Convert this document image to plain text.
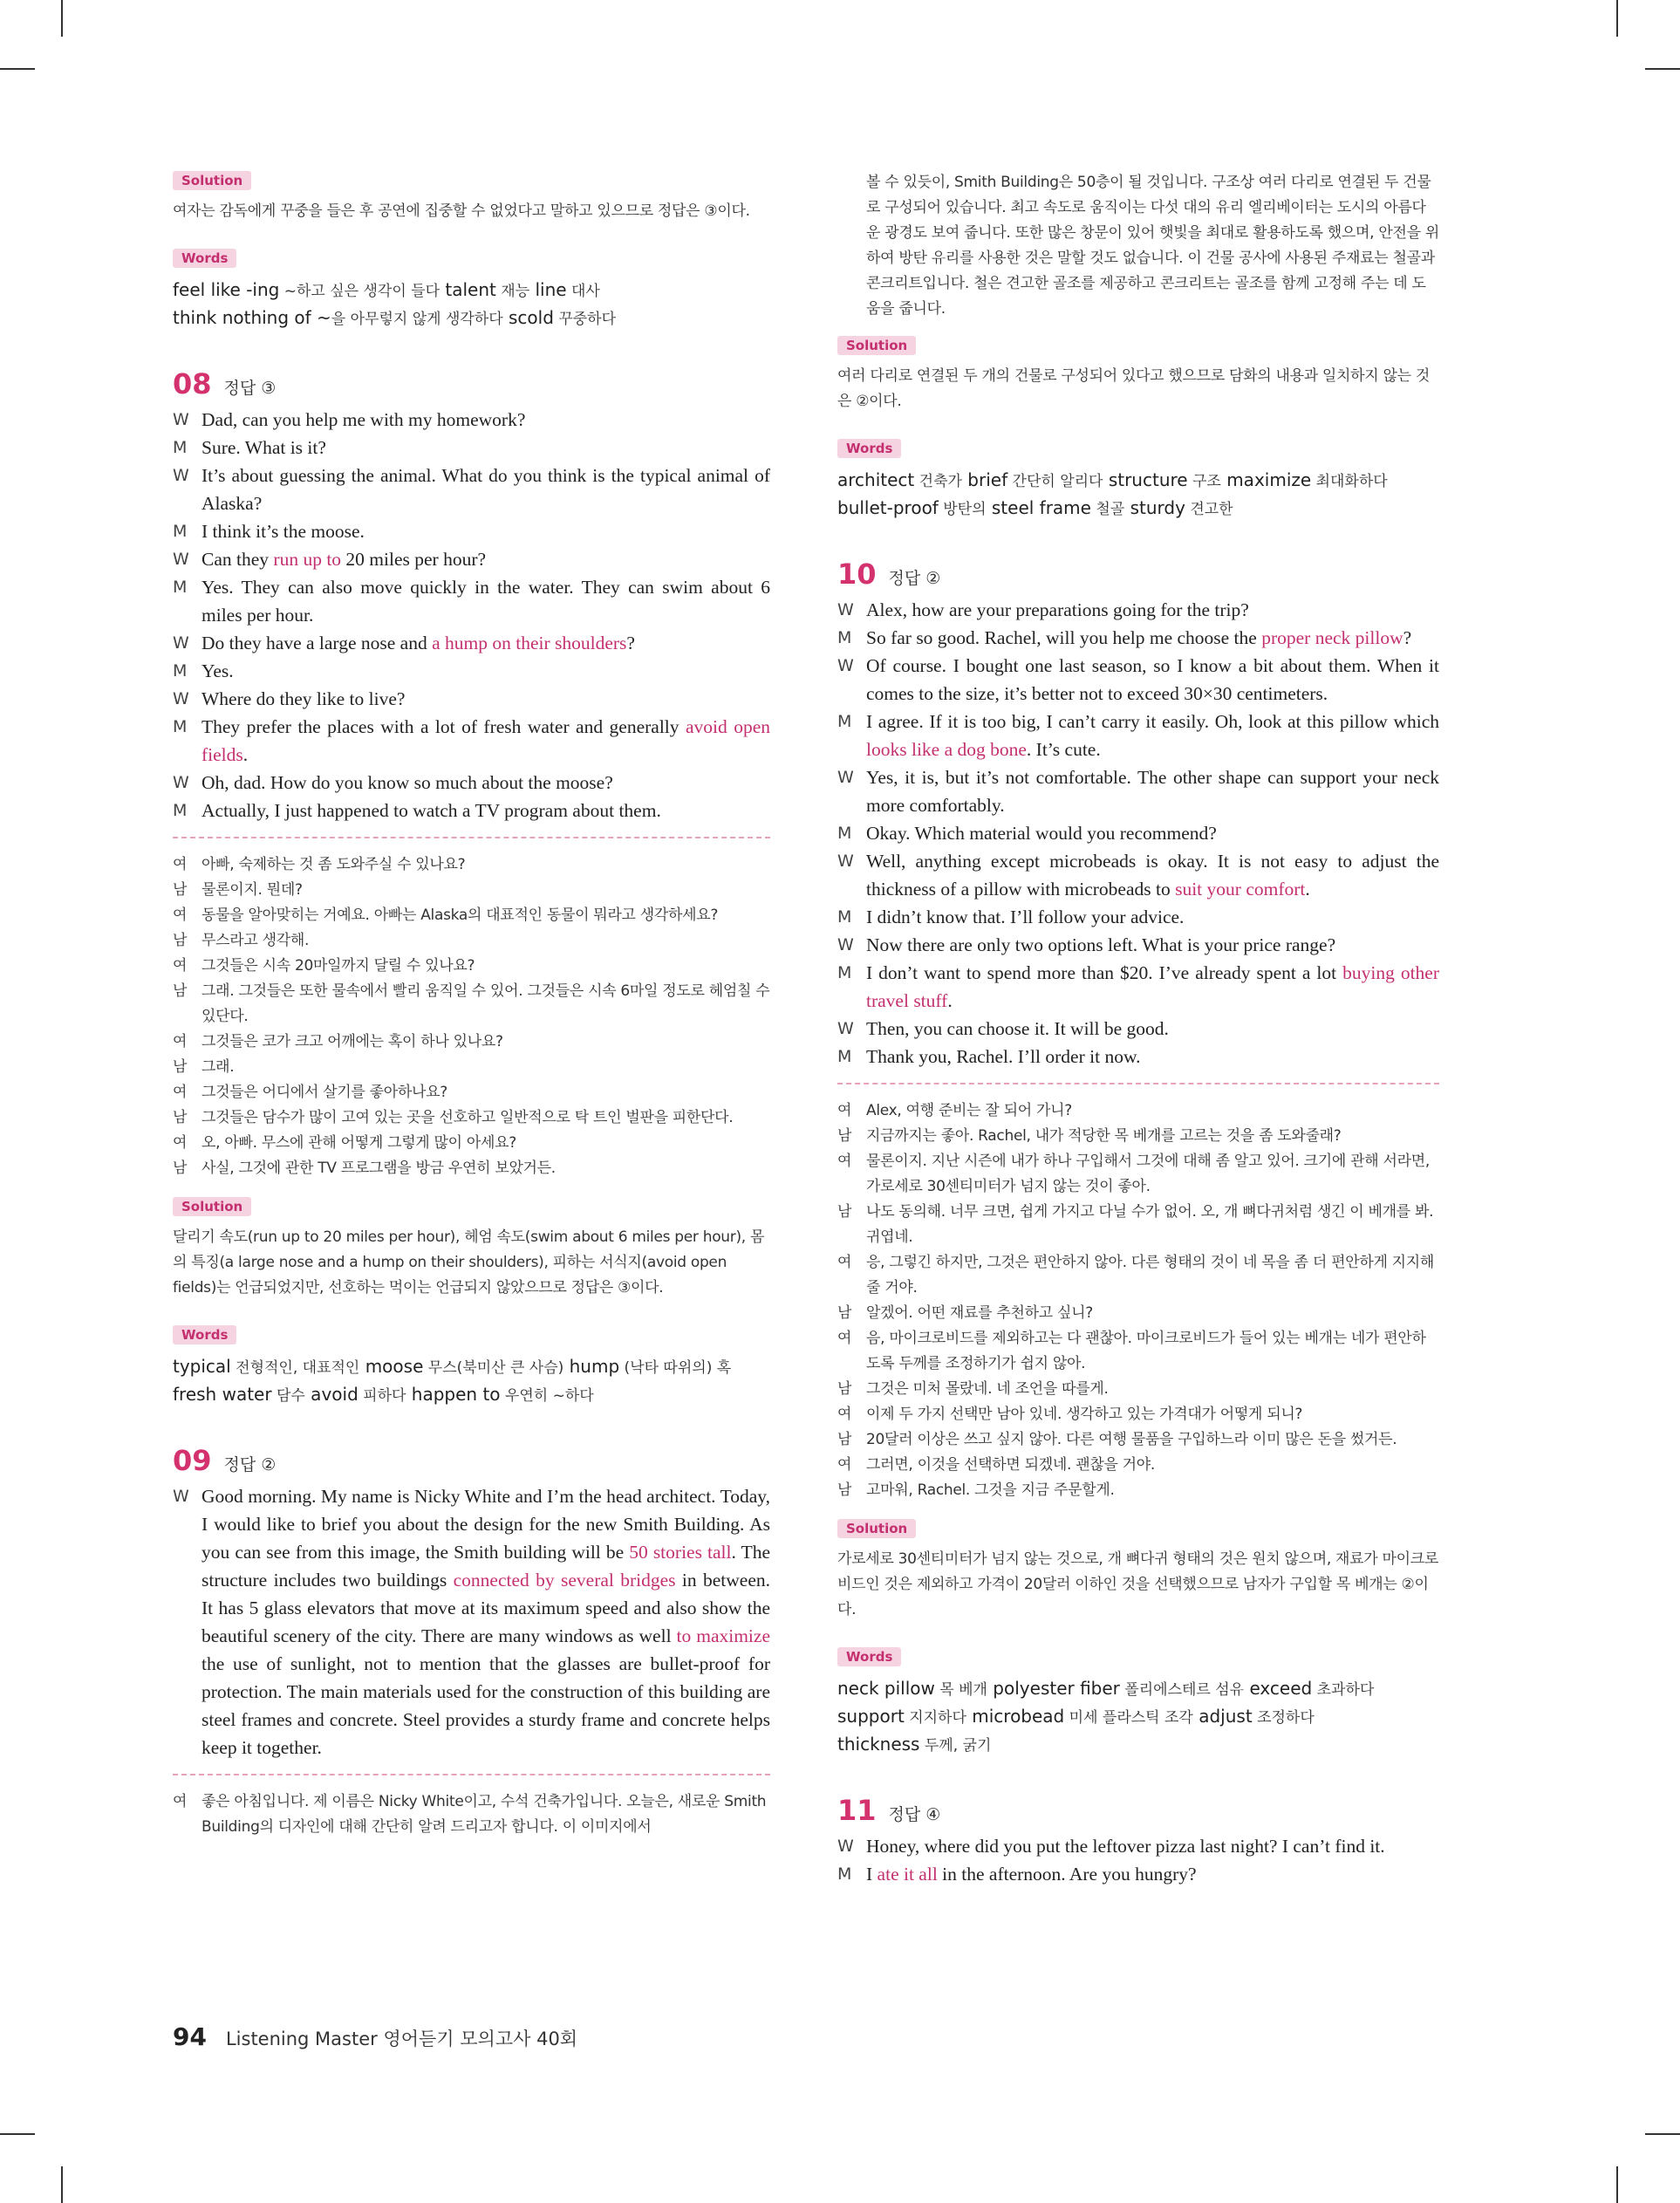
Solution
여자는 감독에게 꾸중을 들은 후 공연에 집중할 수 없었다고 말하고 있으므로 정답은 ③이다.
Words
feel like -ing ~하고 싶은 생각이 들다 talent 재능 line 대사
think nothing of ~을 아무렇지 않게 생각하다 scold 꾸중하다
08 정답 ③
W Dad, can you help me with my homework?
M Sure. What is it?
W It’s about guessing the animal. What do you think is the typical animal of Alaska?
M I think it’s the moose.
W Can they run up to 20 miles per hour?
M Yes. They can also move quickly in the water. They can swim about 6 miles per hour.
W Do they have a large nose and a hump on their shoulders?
M Yes.
W Where do they like to live?
M They prefer the places with a lot of fresh water and generally avoid open fields.
W Oh, dad. How do you know so much about the moose?
M Actually, I just happened to watch a TV program about them.
여 아빠, 숙제하는 것 좀 도와주실 수 있나요?
남 물론이지. 뭔데?
여 동물을 알아맞히는 거예요. 아빠는 Alaska의 대표적인 동물이 뭐라고 생각하세요?
남 무스라고 생각해.
여 그것들은 시속 20마일까지 달릴 수 있나요?
남 그래. 그것들은 또한 물속에서 빨리 움직일 수 있어. 그것들은 시속 6마일 정도로 헤엄칠 수 있단다.
여 그것들은 코가 크고 어깨에는 혹이 하나 있나요?
남 그래.
여 그것들은 어디에서 살기를 좋아하나요?
남 그것들은 담수가 많이 고여 있는 곳을 선호하고 일반적으로 탁 트인 벌판을 피한단다.
여 오, 아빠. 무스에 관해 어떻게 그렇게 많이 아세요?
남 사실, 그것에 관한 TV 프로그램을 방금 우연히 보았거든.
Solution
달리기 속도(run up to 20 miles per hour), 헤엄 속도(swim about 6 miles per hour), 몸의 특징(a large nose and a hump on their shoulders), 피하는 서식지(avoid open fields)는 언급되었지만, 선호하는 먹이는 언급되지 않았으므로 정답은 ③이다.
Words
typical 전형적인, 대표적인 moose 무스(북미산 큰 사슴) hump (낙타 따위의) 혹
fresh water 담수 avoid 피하다 happen to 우연히 ~하다
09 정답 ②
W Good morning. My name is Nicky White and I’m the head architect. Today, I would like to brief you about the design for the new Smith Building. As you can see from this image, the Smith building will be 50 stories tall. The structure includes two buildings connected by several bridges in between. It has 5 glass elevators that move at its maximum speed and also show the beautiful scenery of the city. There are many windows as well to maximize the use of sunlight, not to mention that the glasses are bullet-proof for protection. The main materials used for the construction of this building are steel frames and concrete. Steel provides a sturdy frame and concrete helps keep it together.
여 좋은 아침입니다. 제 이름은 Nicky White이고, 수석 건축가입니다. 오늘은, 새로운 Smith Building의 디자인에 대해 간단히 알려 드리고자 합니다. 이 이미지에서
볼 수 있듯이, Smith Building은 50층이 될 것입니다. 구조상 여러 다리로 연결된 두 건물로 구성되어 있습니다. 최고 속도로 움직이는 다섯 대의 유리 엘리베이터는 도시의 아름다운 광경도 보여 줍니다. 또한 많은 창문이 있어 햇빛을 최대로 활용하도록 했으며, 안전을 위하여 방탄 유리를 사용한 것은 말할 것도 없습니다. 이 건물 공사에 사용된 주재료는 철골과 콘크리트입니다. 철은 견고한 골조를 제공하고 콘크리트는 골조를 함께 고정해 주는 데 도움을 줍니다.
Solution
여러 다리로 연결된 두 개의 건물로 구성되어 있다고 했으므로 담화의 내용과 일치하지 않는 것은 ②이다.
Words
architect 건축가 brief 간단히 알리다 structure 구조 maximize 최대화하다
bullet-proof 방탄의 steel frame 철골 sturdy 견고한
10 정답 ②
W Alex, how are your preparations going for the trip?
M So far so good. Rachel, will you help me choose the proper neck pillow?
W Of course. I bought one last season, so I know a bit about them. When it comes to the size, it’s better not to exceed 30×30 centimeters.
M I agree. If it is too big, I can’t carry it easily. Oh, look at this pillow which looks like a dog bone. It’s cute.
W Yes, it is, but it’s not comfortable. The other shape can support your neck more comfortably.
M Okay. Which material would you recommend?
W Well, anything except microbeads is okay. It is not easy to adjust the thickness of a pillow with microbeads to suit your comfort.
M I didn’t know that. I’ll follow your advice.
W Now there are only two options left. What is your price range?
M I don’t want to spend more than $20. I’ve already spent a lot buying other travel stuff.
W Then, you can choose it. It will be good.
M Thank you, Rachel. I’ll order it now.
여 Alex, 여행 준비는 잘 되어 가니?
남 지금까지는 좋아. Rachel, 내가 적당한 목 베개를 고르는 것을 좀 도와줄래?
여 물론이지. 지난 시즌에 내가 하나 구입해서 그것에 대해 좀 알고 있어. 크기에 관해 서라면, 가로세로 30센티미터가 넘지 않는 것이 좋아.
남 나도 동의해. 너무 크면, 쉽게 가지고 다닐 수가 없어. 오, 개 뼈다귀처럼 생긴 이 베개를 봐. 귀엽네.
여 응, 그렇긴 하지만, 그것은 편안하지 않아. 다른 형태의 것이 네 목을 좀 더 편안하게 지지해 줄 거야.
남 알겠어. 어떤 재료를 추천하고 싶니?
여 음, 마이크로비드를 제외하고는 다 괜찮아. 마이크로비드가 들어 있는 베개는 네가 편안하도록 두께를 조정하기가 쉽지 않아.
남 그것은 미처 몰랐네. 네 조언을 따를게.
여 이제 두 가지 선택만 남아 있네. 생각하고 있는 가격대가 어떻게 되니?
남 20달러 이상은 쓰고 싶지 않아. 다른 여행 물품을 구입하느라 이미 많은 돈을 썼거든.
여 그러면, 이것을 선택하면 되겠네. 괜찮을 거야.
남 고마워, Rachel. 그것을 지금 주문할게.
Solution
가로세로 30센티미터가 넘지 않는 것으로, 개 뼈다귀 형태의 것은 원치 않으며, 재료가 마이크로비드인 것은 제외하고 가격이 20달러 이하인 것을 선택했으므로 남자가 구입할 목 베개는 ②이다.
Words
neck pillow 목 베개 polyester fiber 폴리에스테르 섬유 exceed 초과하다
support 지지하다 microbead 미세 플라스틱 조각 adjust 조정하다
thickness 두께, 굵기
11 정답 ④
W Honey, where did you put the leftover pizza last night? I can’t find it.
M I ate it all in the afternoon. Are you hungry?
94 Listening Master 영어듣기 모의고사 40회
